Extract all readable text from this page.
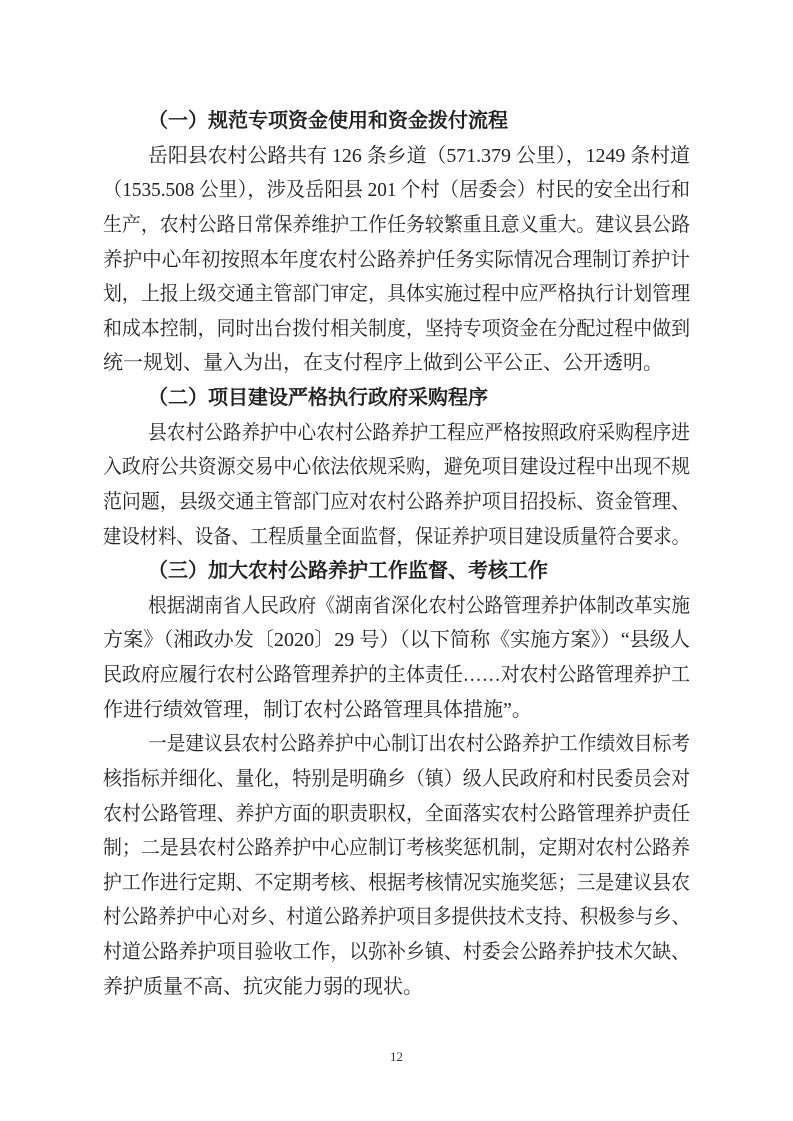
（一）规范专项资金使用和资金拨付流程
岳阳县农村公路共有 126 条乡道（571.379 公里），1249 条村道
（1535.508 公里），涉及岳阳县 201 个村（居委会）村民的安全出行和
生产，农村公路日常保养维护工作任务较繁重且意义重大。建议县公路
养护中心年初按照本年度农村公路养护任务实际情况合理制订养护计
划，上报上级交通主管部门审定，具体实施过程中应严格执行计划管理
和成本控制，同时出台拨付相关制度，坚持专项资金在分配过程中做到
统一规划、量入为出，在支付程序上做到公平公正、公开透明。
（二）项目建设严格执行政府采购程序
县农村公路养护中心农村公路养护工程应严格按照政府采购程序进
入政府公共资源交易中心依法依规采购，避免项目建设过程中出现不规
范问题，县级交通主管部门应对农村公路养护项目招投标、资金管理、
建设材料、设备、工程质量全面监督，保证养护项目建设质量符合要求。
（三）加大农村公路养护工作监督、考核工作
根据湖南省人民政府《湖南省深化农村公路管理养护体制改革实施
方案》（湘政办发〔2020〕29 号）（以下简称《实施方案》）“县级人
民政府应履行农村公路管理养护的主体责任……对农村公路管理养护工
作进行绩效管理，制订农村公路管理具体措施”。
一是建议县农村公路养护中心制订出农村公路养护工作绩效目标考
核指标并细化、量化，特别是明确乡（镇）级人民政府和村民委员会对
农村公路管理、养护方面的职责职权，全面落实农村公路管理养护责任
制；二是县农村公路养护中心应制订考核奖惩机制，定期对农村公路养
护工作进行定期、不定期考核、根据考核情况实施奖惩；三是建议县农
村公路养护中心对乡、村道公路养护项目多提供技术支持、积极参与乡、
村道公路养护项目验收工作，以弥补乡镇、村委会公路养护技术欠缺、
养护质量不高、抗灾能力弱的现状。
12
